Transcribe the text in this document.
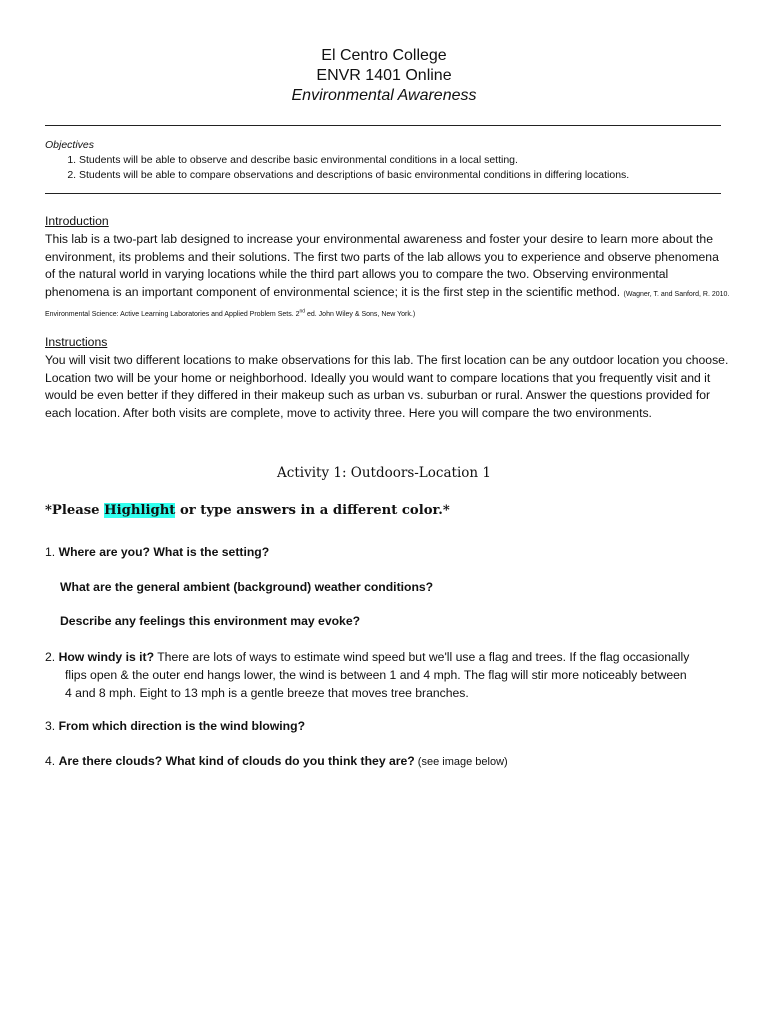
El Centro College
ENVR 1401 Online
Environmental Awareness
Objectives
1. Students will be able to observe and describe basic environmental conditions in a local setting.
2. Students will be able to compare observations and descriptions of basic environmental conditions in differing locations.
Introduction
This lab is a two-part lab designed to increase your environmental awareness and foster your desire to learn more about the environment, its problems and their solutions. The first two parts of the lab allows you to experience and observe phenomena of the natural world in varying locations while the third part allows you to compare the two. Observing environmental phenomena is an important component of environmental science; it is the first step in the scientific method. (Wagner, T. and Sanford, R. 2010. Environmental Science: Active Learning Laboratories and Applied Problem Sets. 2nd ed. John Wiley & Sons, New York.)
Instructions
You will visit two different locations to make observations for this lab. The first location can be any outdoor location you choose. Location two will be your home or neighborhood. Ideally you would want to compare locations that you frequently visit and it would be even better if they differed in their makeup such as urban vs. suburban or rural. Answer the questions provided for each location. After both visits are complete, move to activity three. Here you will compare the two environments.
Activity 1: Outdoors-Location 1
*Please Highlight or type answers in a different color.*
1. Where are you? What is the setting?
What are the general ambient (background) weather conditions?
Describe any feelings this environment may evoke?
2. How windy is it? There are lots of ways to estimate wind speed but we'll use a flag and trees. If the flag occasionally
flips open & the outer end hangs lower, the wind is between 1 and 4 mph. The flag will stir more noticeably between
4 and 8 mph. Eight to 13 mph is a gentle breeze that moves tree branches.
3. From which direction is the wind blowing?
4. Are there clouds? What kind of clouds do you think they are? (see image below)
